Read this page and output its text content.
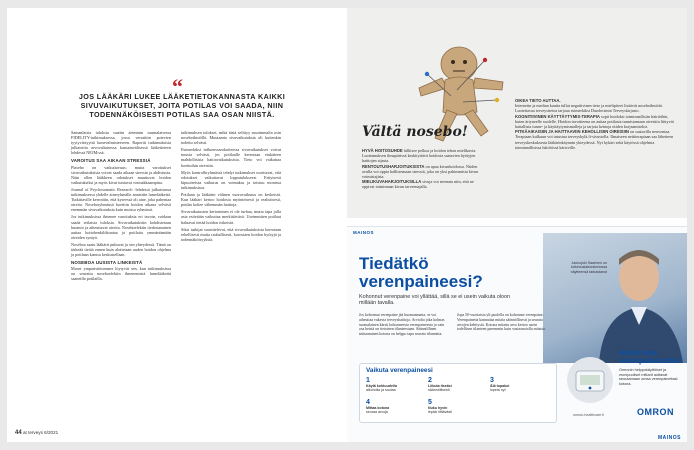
“
JOS LÄÄKÄRI LUKEE LÄÄKETIETOKANNASTA KAIKKI SIVUVAIKUTUKSET, JOITA POTILAS VOI SAADA, NIIN TODENNÄKÖISESTI POTILAS SAA OSAN NIISTÄ.

Samanlaisia tuloksia saatiin aiemmin saumalaisessa FIDELITY-tutkimuksessa, jossa verrattiin potevien tyytyväisyyttä lumevalmisteeseen. Raportit tutkimuksista julkaistiin arvovaltaisessa kansainvälisessä lääketieteen lehdessä NEJM:ssä.

VAROITUS SAA AIKAAN STRESSIÄ

Plasebo on vaikuttavuus; mutta varoitukset sivuvaikutuksista voivat saada aikaan stressin ja ahdistusta. Näin ollen lääkkeen odotukset muuttuvat hoidon vaikutuksiksi ja myös kivut tuntuvat voimakkaampina.

Journal of Psychosomatic Research -lehdessä julkaistussa tutkimuksessa yhdelle aineryhmälle annettiin lumelääkettä. Tutkittaville kerrottiin, että kyseessä oli aine, joka pahentaa oireita. Noseboryhmässä koettiin hoidon aikana selvästi enemmän sivuvaikutuksia kuin muissa ryhmissä.

Jos tutkimuksissa ilmenee varoituksia eri tavoin, voidaan saada erilaisia tuloksia. Sivuvaikutuksiin kohdistetaan huomio ja aiheuttavat oireita. Noseboefektin tiedostaminen auttaa hoitohenkilökuntaa ja potilaita ymmärtämään oireiden syntyä.

Noseboa saatu lääkärit puhuvat ja sen yhteydessä. Tämä on tärkeää tietää ennen kuin aloitetaan uuden hoidon ohjelma ja potilaan kanssa keskustellaan.

NOSEBOA UUSISTA LINKEISTÄ

Moset ymparistötommer löytyvät sen, kun tutkimuksissa on seurattu noseboefektin ilmenemistä lumelääkettä saaneilla potilailla.

tutkimuksen tulokset, mikä tästä selittyy suurimmalta osin noseboilmiöllä. Muutamia sivuvaikutuksia oli kuitenkin todettu selvästi.

Esimerkiksi influenssarokotteessa sivuvaikutukset voivat nousta selvästi, jos potilaalle kerrotaan etukäteen mahdollisista haittavaikutuksista. Tieto voi vaikuttaa koettuihin oireisiin.

Myös kontrolliryhmässä tehdyt tutkimukset osoittavat, että odotukset vaikuttavat lopputulokseen. Erityisesti kipuoireissa vaikutus on voimakas ja toistuu monissa tutkimuksissa.

Potilaan ja lääkärin välinen vuorovaikutus on keskeistä. Kun lääkäri kertoo hoidosta myönteisesti ja realistisesti, potilas kokee vähemmän haittoja.

Sivuvaikutusten kertominen ei ole turhaa, mutta tapa jolla asia esitetään vaikuttaa merkittävästi. Useimmiten potilaat haluavat tietää hoidon riskeistä.

Siksi tutkijat suosittelevat, että sivuvaikutuksista kerrotaan rehellisesti mutta rauhallisesti, korostaen hoidon hyötyjä ja todennäköisyyksiä.

44 at terveys 6/2021
Vältä nosebo!
HYVÄ HOITOSUHDE hillitsee pelkoa ja hoidon tehon mielikuvia. Luottamuksen ilmapiirissä keskityttävä hoidosta saatavien hyötyjen haittojen sijasta.
RENTOUTUSHARJOITUKSISTA on apua kivunhoidossa. Niiden avulla voi oppia hallitsemaan stressiä, joka on yksi pahimmista kivun voimistajista.
MIELIKUVAHARJOITUKSILLA sivuja voi treenata niin, että ne oppivat toimimaan kivun tarveenajalla.
OIKEA TIETO AUTTAA.
Internetin ja median kautta tullut negatiivinen tieto ja mielipiteet lisäävät noseboilmiötä. Luotettavaa terveystietoa tarjoaa esimerkiksi Duodecimin Terveyskirjasto.
KOGNITIIVINEN KÄYTTÄYTYMIS-TERAPIA sopii hoidoksi toiminnallisiin häiriöihin, kuten ärtyneelle suolelle. Hoidon tavoitteena on auttaa potilasta tunnistamaan oireisiin liittyviä haitallisia tunne- ja käyttäytymismalleja ja tarjota keinoja niiden korjaamiseksi.
PITKÄAIKAISIIN JA HAITTAAVIIN KEHOLLISIIN OIREISIIN on saatavilla neuvontaa. Terapiaan kulkuun voi tutustua terveyskylä.fi-sivustolla. Ilmaiseen nettiterapiaan saa lähetteen terveyskeskuksesta lääkärinkäynnin yhteydessä. Nyt kykäri sekä käytössä ohjelmia toiminnallisissa häiriöissä kärsiville.
MAINOS
Jauhojoki Saarinen on tutkimuslaboratoriossa näytteensä tarkastanut
Tiedätkö
verenpaineesi?
Kohonnut verenpaine voi yllättää, sillä se ei usein vaikuta oloon millään tavalla.
Jos kohonnut verenpaine jää huomaamatta, se voi aiheuttaa vakavia terveyshaittoja. Arviolta joka kolmas suomalainen kärsii kohonneesta verenpaineesta ja vain osa heistä on tietoinen tilanteestaan. Säännöllinen mittaaminen kotona on helppo tapa seurata tilannetta.
Jopa 50-vuotiaista yli puolella on kohonnut verenpaine. Verenpainetta kannattaa mitata säännöllisesti ja seurata arvojen kehitystä. Kotona mitattu arvo kertoo usein todellisen tilanteen paremmin kuin vastaanotolla mitattu.
Vaikuta verenpaineesi
1
Käytä kohtuudella
alkoholia ja suolaa
2
Liikuta itseäsi
säännöllisesti
3
Älä tupakoi
lopeta nyt
4
Mittaa kotona
seuraa arvoja
5
Nuku hyvin
lepää riittävästi
omron-healthcare.fi
Hanki oma verenpainemittari
Omronin helppokäyttöiset ja monipuoliset mittarit auttavat seuraamaan omaa verenpainettasi kotona.
OMRON
MAINOS
